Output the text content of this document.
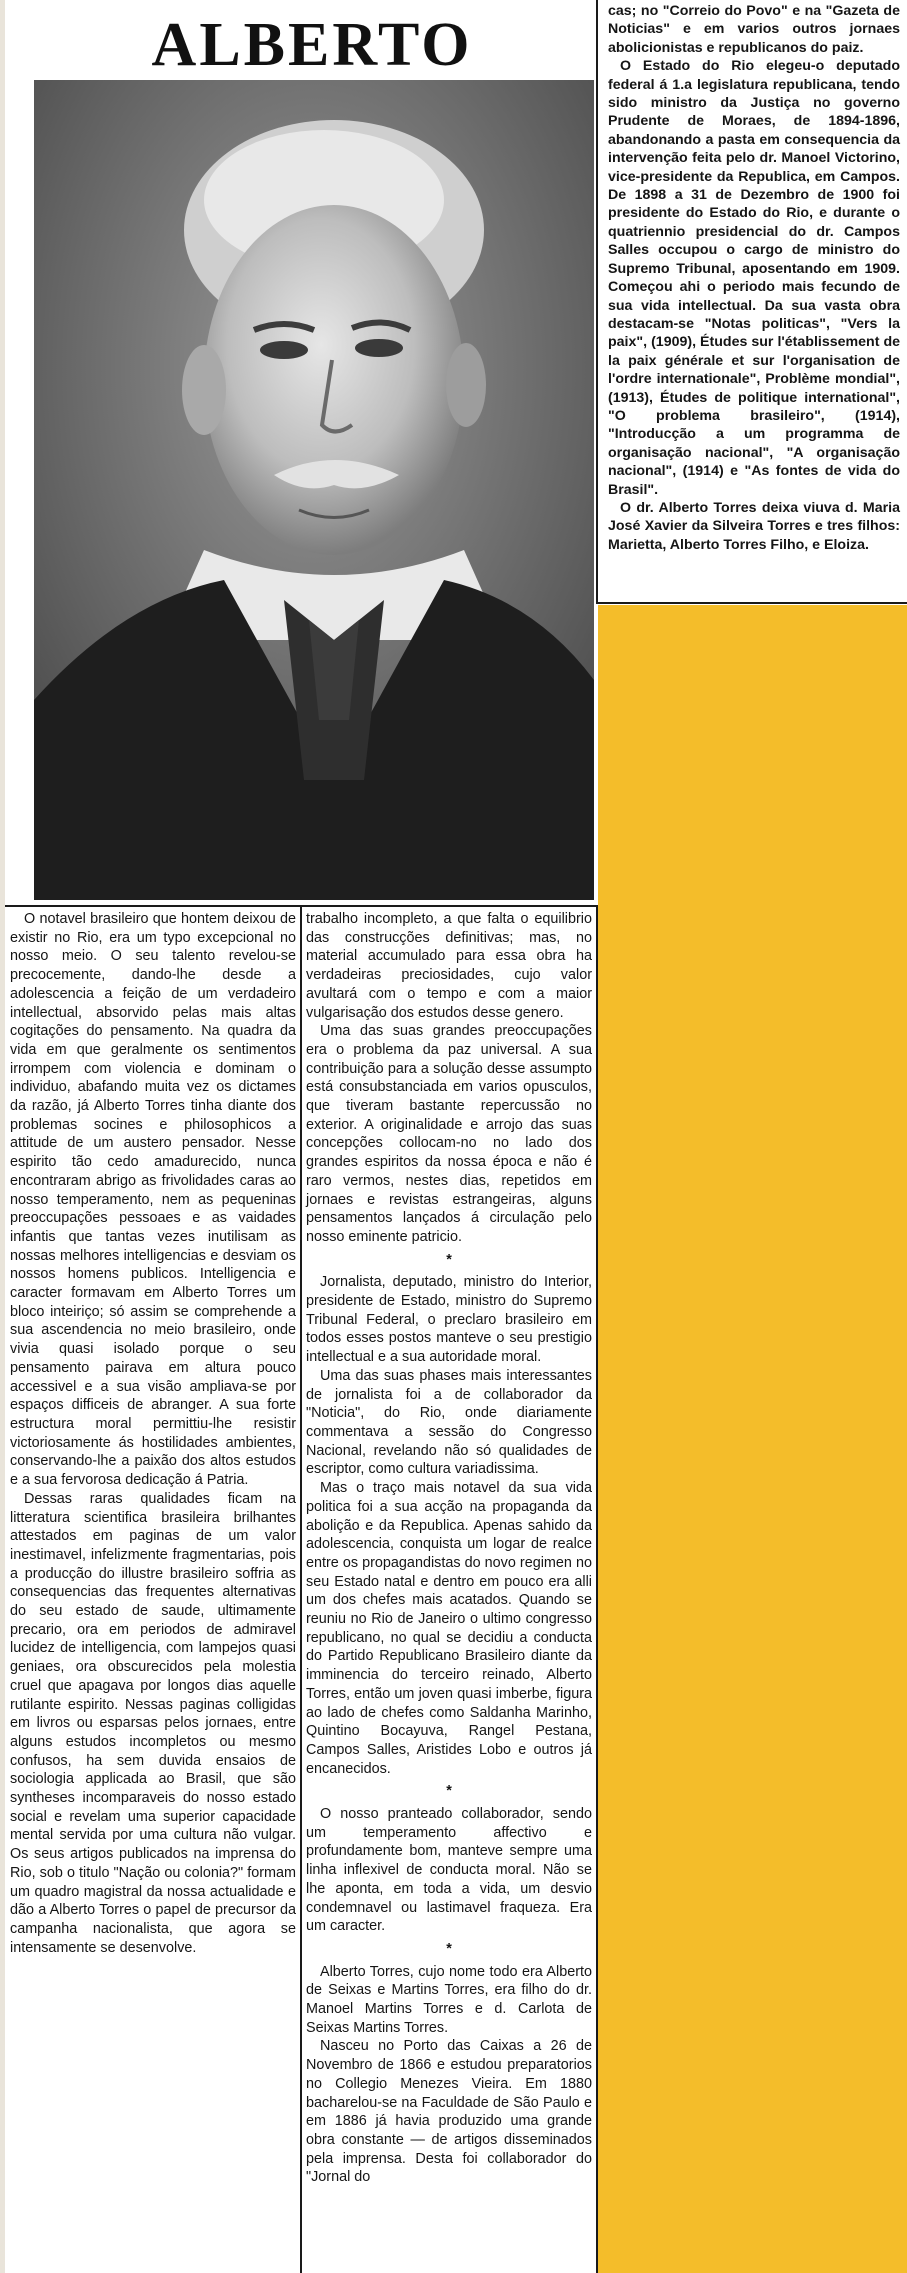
ALBERTO	cas; no "Correio do Povo" e na "Gazeta de Noticias" e em varios outros jornaes abolicionistas e republicanos do paiz.

O Estado do Rio elegeu-o deputado federal á 1.a legislatura republicana, tendo sido ministro da Justiça no governo Prudente de Moraes, de 1894-1896, abandonando a pasta em consequencia da intervenção feita pelo dr. Manoel Victorino, vice-presidente da Republica, em Campos. De 1898 a 31 de Dezembro de 1900 foi presidente do Estado do Rio, e durante o quatriennio presidencial do dr. Campos Salles occupou o cargo de ministro do Supremo Tribunal, aposentando em 1909. Começou ahi o periodo mais fecundo de sua vida intellectual. Da sua vasta obra destacam-se "Notas politicas", "Vers la paix", (1909), Études sur l'établissement de la paix générale et sur l'organisation de l'ordre internationale", Problème mondial", (1913), Études de politique international", "O problema brasileiro", (1914), "Introducção a um programma de organisação nacional", "A organisação nacional", (1914) e "As fontes de vida do Brasil".

O dr. Alberto Torres deixa viuva d. Maria José Xavier da Silveira Torres e tres filhos: Marietta, Alberto Torres Filho, e Eloiza.

O notavel brasileiro que hontem deixou de existir no Rio, era um typo excepcional no nosso meio. O seu talento revelou-se precocemente, dando-lhe desde a adolescencia a feição de um verdadeiro intellectual, absorvido pelas mais altas cogitações do pensamento. Na quadra da vida em que geralmente os sentimentos irrompem com violencia e dominam o individuo, abafando muita vez os dictames da razão, já Alberto Torres tinha diante dos problemas socines e philosophicos a attitude de um austero pensador. Nesse espirito tão cedo amadurecido, nunca encontraram abrigo as frivolidades caras ao nosso temperamento, nem as pequeninas preoccupações pessoaes e as vaidades infantis que tantas vezes inutilisam as nossas melhores intelligencias e desviam os nossos homens publicos. Intelligencia e caracter formavam em Alberto Torres um bloco inteiriço; só assim se comprehende a sua ascendencia no meio brasileiro, onde vivia quasi isolado porque o seu pensamento pairava em altura pouco accessivel e a sua visão ampliava-se por espaços difficeis de abranger. A sua forte estructura moral permittiu-lhe resistir victoriosamente ás hostilidades ambientes, conservando-lhe a paixão dos altos estudos e a sua fervorosa dedicação á Patria.

Dessas raras qualidades ficam na litteratura scientifica brasileira brilhantes attestados em paginas de um valor inestimavel, infelizmente fragmentarias, pois a producção do illustre brasileiro soffria as consequencias das frequentes alternativas do seu estado de saude, ultimamente precario, ora em periodos de admiravel lucidez de intelligencia, com lampejos quasi geniaes, ora obscurecidos pela molestia cruel que apagava por longos dias aquelle rutilante espirito. Nessas paginas colligidas em livros ou esparsas pelos jornaes, entre alguns estudos incompletos ou mesmo confusos, ha sem duvida ensaios de sociologia applicada ao Brasil, que são syntheses incomparaveis do nosso estado social e revelam uma superior capacidade mental servida por uma cultura não vulgar. Os seus artigos publicados na imprensa do Rio, sob o titulo "Nação ou colonia?" formam um quadro magistral da nossa actualidade e dão a Alberto Torres o papel de precursor da campanha nacionalista, que agora se intensamente se desenvolve.

trabalho incompleto, a que falta o equilibrio das construcções definitivas; mas, no material accumulado para essa obra ha verdadeiras preciosidades, cujo valor avultará com o tempo e com a maior vulgarisação dos estudos desse genero.

Uma das suas grandes preoccupações era o problema da paz universal. A sua contribuição para a solução desse assumpto está consubstanciada em varios opusculos, que tiveram bastante repercussão no exterior. A originalidade e arrojo das suas concepções collocam-no no lado dos grandes espiritos da nossa época e não é raro vermos, nestes dias, repetidos em jornaes e revistas estrangeiras, alguns pensamentos lançados á circulação pelo nosso eminente patricio.

*

Jornalista, deputado, ministro do Interior, presidente de Estado, ministro do Supremo Tribunal Federal, o preclaro brasileiro em todos esses postos manteve o seu prestigio intellectual e a sua autoridade moral.

Uma das suas phases mais interessantes de jornalista foi a de collaborador da "Noticia", do Rio, onde diariamente commentava a sessão do Congresso Nacional, revelando não só qualidades de escriptor, como cultura variadissima.

Mas o traço mais notavel da sua vida politica foi a sua acção na propaganda da abolição e da Republica. Apenas sahido da adolescencia, conquista um logar de realce entre os propagandistas do novo regimen no seu Estado natal e dentro em pouco era alli um dos chefes mais acatados. Quando se reuniu no Rio de Janeiro o ultimo congresso republicano, no qual se decidiu a conducta do Partido Republicano Brasileiro diante da imminencia do terceiro reinado, Alberto Torres, então um joven quasi imberbe, figura ao lado de chefes como Saldanha Marinho, Quintino Bocayuva, Rangel Pestana, Campos Salles, Aristides Lobo e outros já encanecidos.

*

O nosso pranteado collaborador, sendo um temperamento affectivo e profundamente bom, manteve sempre uma linha inflexivel de conducta moral. Não se lhe aponta, em toda a vida, um desvio condemnavel ou lastimavel fraqueza. Era um caracter.

*

Alberto Torres, cujo nome todo era Alberto de Seixas e Martins Torres, era filho do dr. Manoel Martins Torres e d. Carlota de Seixas Martins Torres.

Nasceu no Porto das Caixas a 26 de Novembro de 1866 e estudou preparatorios no Collegio Menezes Vieira. Em 1880 bacharelou-se na Faculdade de São Paulo e em 1886 já havia produzido uma grande obra constante — de artigos disseminados pela imprensa. Desta foi collaborador do "Jornal do
